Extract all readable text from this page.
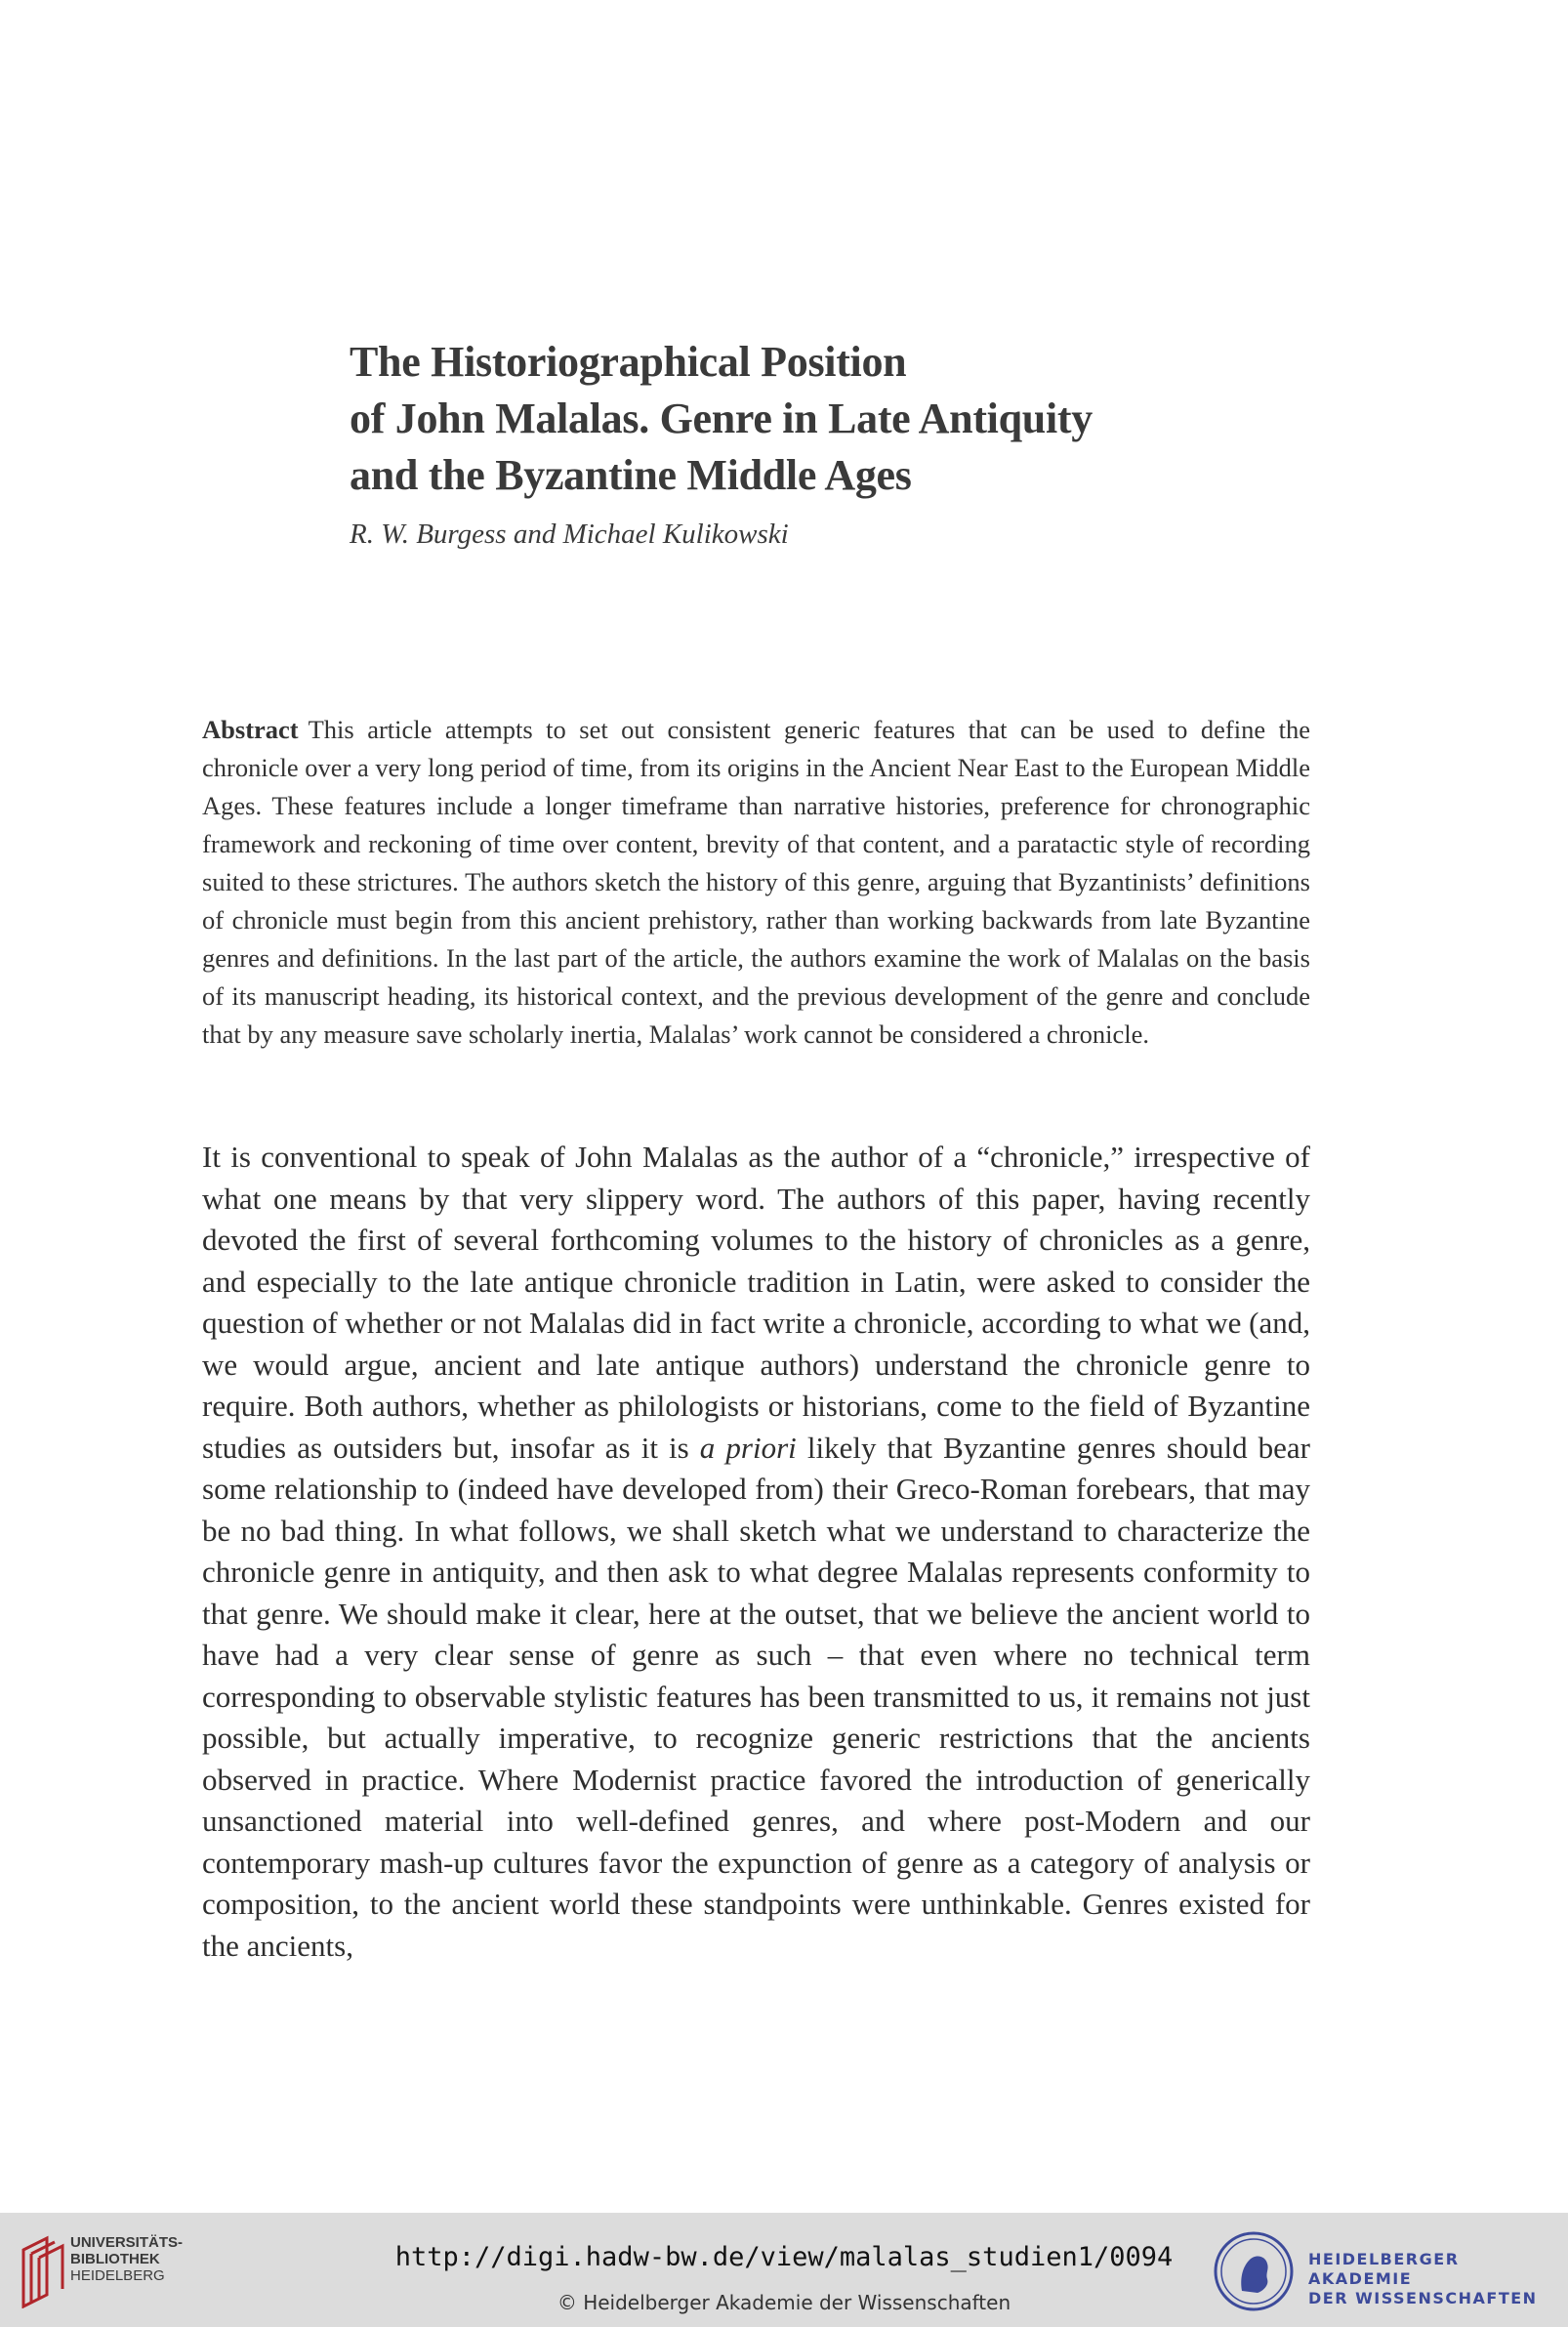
The Historiographical Position
of John Malalas. Genre in Late Antiquity
and the Byzantine Middle Ages
R. W. Burgess and Michael Kulikowski
Abstract This article attempts to set out consistent generic features that can be used to define the chronicle over a very long period of time, from its origins in the Ancient Near East to the European Middle Ages. These features include a longer timeframe than narrative histories, preference for chronographic framework and reckoning of time over content, brevity of that content, and a paratactic style of recording suited to these strictures. The authors sketch the history of this genre, arguing that Byzantinists’ definitions of chronicle must begin from this ancient prehistory, rather than working backwards from late Byzantine genres and definitions. In the last part of the article, the authors examine the work of Malalas on the basis of its manuscript heading, its historical context, and the previous development of the genre and conclude that by any measure save scholarly inertia, Malalas’ work cannot be considered a chronicle.
It is conventional to speak of John Malalas as the author of a “chronicle,” irrespective of what one means by that very slippery word. The authors of this paper, having recently devoted the first of several forthcoming volumes to the history of chronicles as a genre, and especially to the late antique chronicle tradition in Latin, were asked to consider the question of whether or not Malalas did in fact write a chronicle, according to what we (and, we would argue, ancient and late antique authors) understand the chronicle genre to require. Both authors, whether as philologists or historians, come to the field of Byzantine studies as outsiders but, insofar as it is a priori likely that Byzantine genres should bear some relationship to (indeed have developed from) their Greco-Roman forebears, that may be no bad thing. In what follows, we shall sketch what we understand to characterize the chronicle genre in antiquity, and then ask to what degree Malalas represents conformity to that genre. We should make it clear, here at the outset, that we believe the ancient world to have had a very clear sense of genre as such – that even where no technical term corresponding to observable stylistic features has been transmitted to us, it remains not just possible, but actually imperative, to recognize generic restrictions that the ancients observed in practice. Where Modernist practice favored the introduction of generically unsanctioned material into well-defined genres, and where post-Modern and our contemporary mash-up cultures favor the expunction of genre as a category of analysis or composition, to the ancient world these standpoints were unthinkable. Genres existed for the ancients,
UNIVERSITÄTS-
BIBLIOTHEK
HEIDELBERG
http://digi.hadw-bw.de/view/malalas_studien1/0094
© Heidelberger Akademie der Wissenschaften
HEIDELBERGER AKADEMIE
DER WISSENSCHAFTEN
